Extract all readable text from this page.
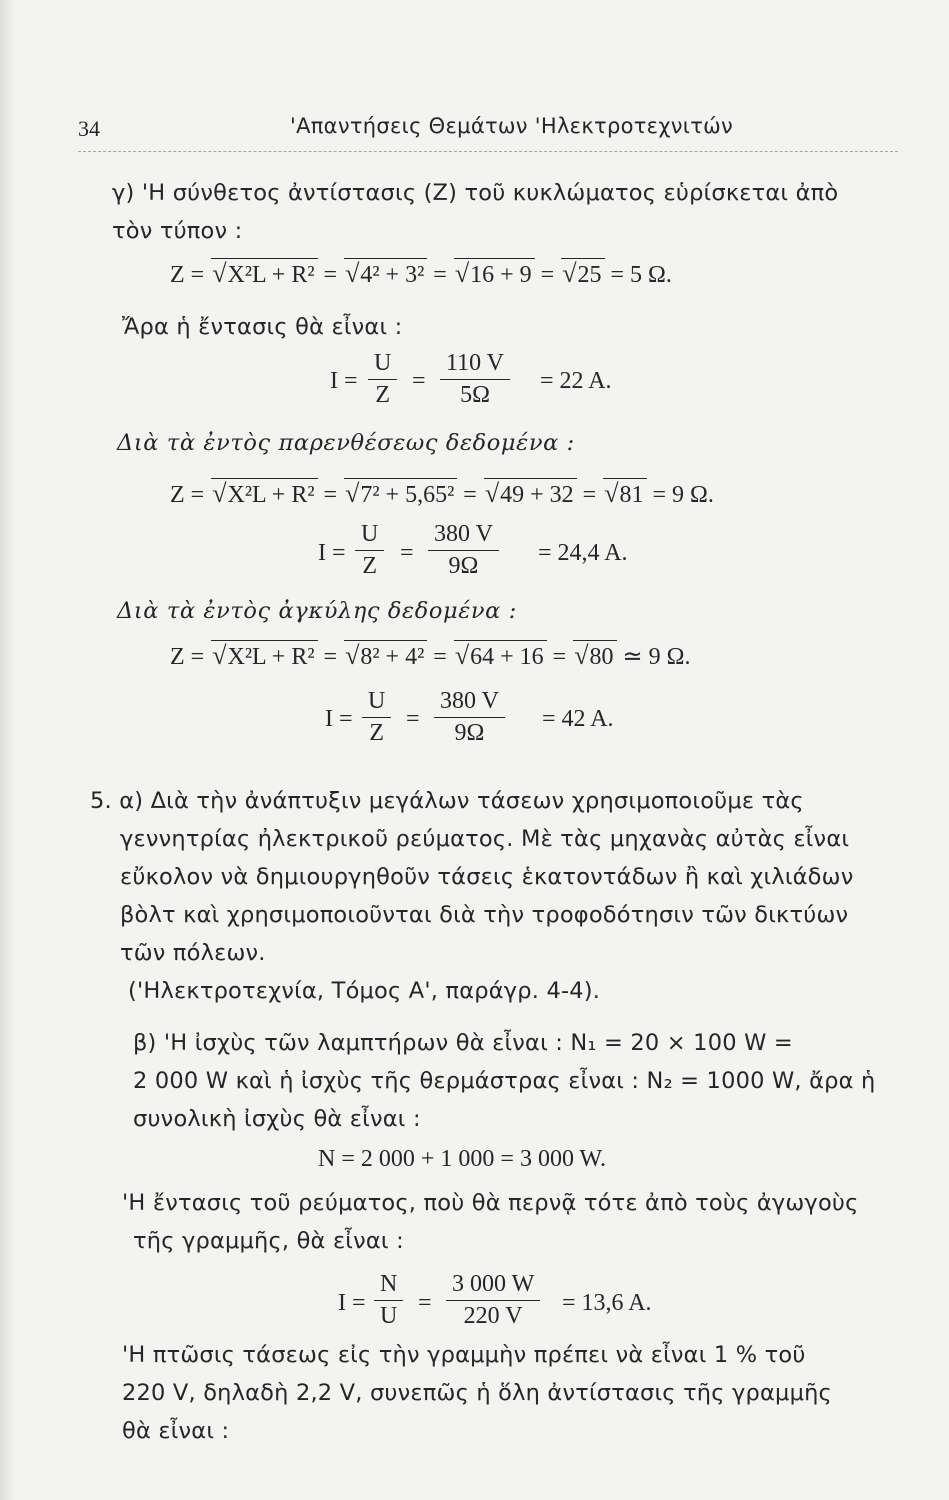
34	'Απαντήσεις Θεμάτων 'Ηλεκτροτεχνιτών
γ) 'Η σύνθετος ἀντίστασις (Ζ) τοῦ κυκλώματος εὑρίσκεται ἀπὸ
τὸν τύπον :
Ζ = √ X²L + R² = √ 4² + 3² = √ 16 + 9 = √ 25 = 5 Ω.
Ἄρα ἡ ἔντασις θὰ εἶναι :
$I = \frac{U}{Z} = \frac{110 V}{5\Omega} = 22$ A.
Διὰ τὰ ἐντὸς παρενθέσεως δεδομένα :
Ζ = √ X²L + R² = √ 7² + 5,65² = √ 49 + 32 = √ 81 = 9 Ω.
$I = \frac{U}{Z} = \frac{380 V}{9\Omega} = 24,4$ A.
Διὰ τὰ ἐντὸς ἀγκύλης δεδομένα :
Ζ = √ X²L + R² = √ 8² + 4² = √ 64 + 16 = √ 80 ≃ 9 Ω.
$I = \frac{U}{Z} = \frac{380 V}{9\Omega} = 42$ A.
5. α) Διὰ τὴν ἀνάπτυξιν μεγάλων τάσεων χρησιμοποιοῦμε τὰς
γεννητρίας ἠλεκτρικοῦ ρεύματος. Μὲ τὰς μηχανὰς αὐτὰς εἶναι
εὔκολον νὰ δημιουργηθοῦν τάσεις ἑκατοντάδων ἢ καὶ χιλιάδων
βὸλτ καὶ χρησιμοποιοῦνται διὰ τὴν τροφοδότησιν τῶν δικτύων
τῶν πόλεων.
('Ηλεκτροτεχνία, Τόμος Α', παράγρ. 4-4).
β) 'Η ἰσχὺς τῶν λαμπτήρων θὰ εἶναι : N₁ = 20 × 100 W =
2 000 W καὶ ἡ ἰσχὺς τῆς θερμάστρας εἶναι : N₂ = 1000 W, ἄρα ἡ
συνολικὴ ἰσχὺς θὰ εἶναι :
N = 2 000 + 1 000 = 3 000 W.
'Η ἔντασις τοῦ ρεύματος, ποὺ θὰ περνᾷ τότε ἀπὸ τοὺς ἀγωγοὺς
τῆς γραμμῆς, θὰ εἶναι :
$I = \frac{N}{U} = \frac{3 000 W}{220 V} = 13,6$ A.
'Η πτῶσις τάσεως εἰς τὴν γραμμὴν πρέπει νὰ εἶναι 1 % τοῦ
220 V, δηλαδὴ 2,2 V, συνεπῶς ἡ ὅλη ἀντίστασις τῆς γραμμῆς
θὰ εἶναι :
